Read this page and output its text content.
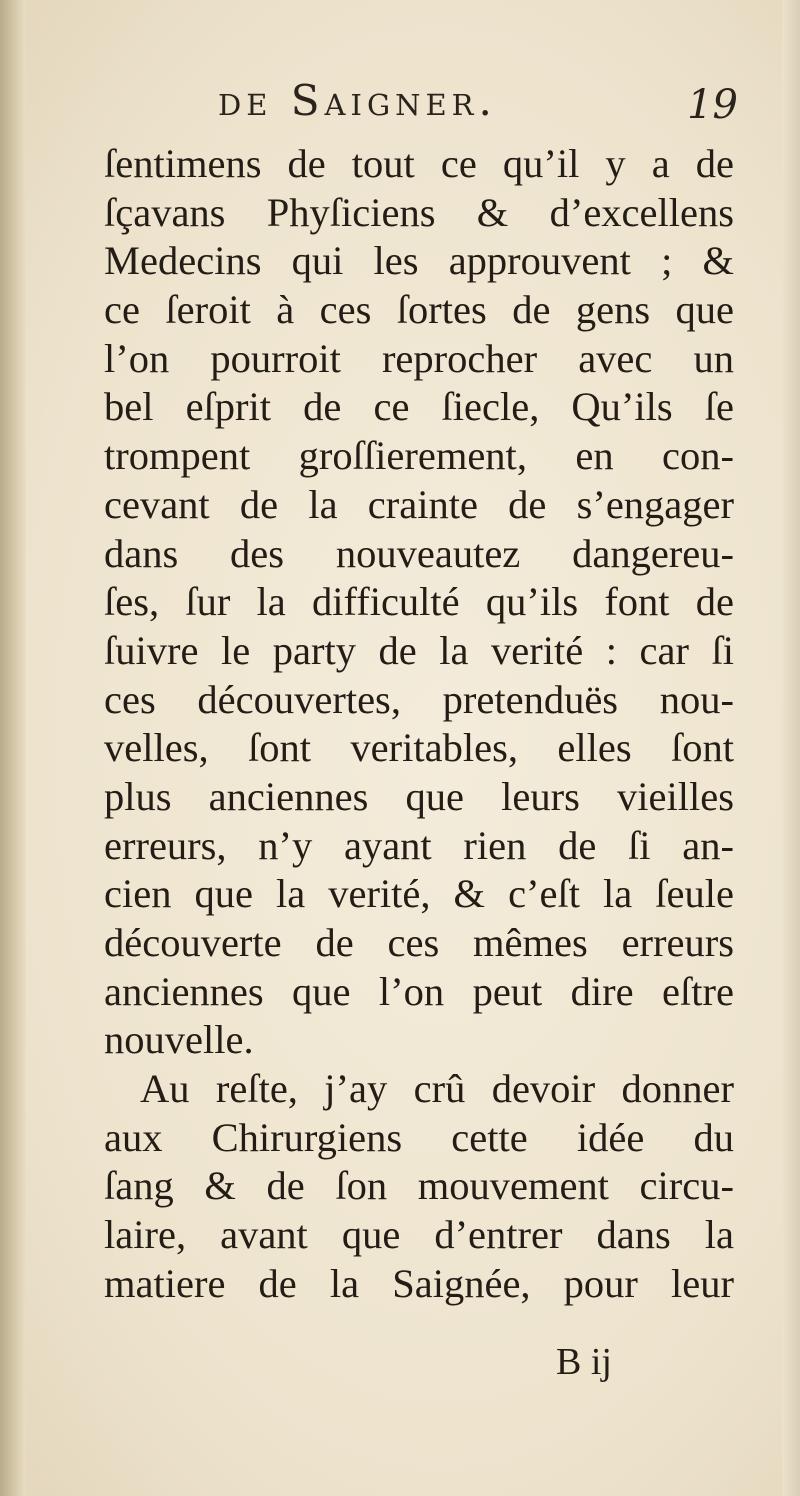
de Saigner.	19
ſentimens de tout ce qu’il y a de
ſçavans Phyſiciens & d’excellens
Medecins qui les approuvent ; &
ce ſeroit à ces ſortes de gens que
l’on pourroit reprocher avec un
bel eſprit de ce ſiecle, Qu’ils ſe
trompent groſſierement, en con-
cevant de la crainte de s’engager
dans des nouveautez dangereu-
ſes, ſur la difficulté qu’ils font de
ſuivre le party de la verité : car ſi
ces découvertes, pretenduës nou-
velles, ſont veritables, elles ſont
plus anciennes que leurs vieilles
erreurs, n’y ayant rien de ſi an-
cien que la verité, & c’eſt la ſeule
découverte de ces mêmes erreurs
anciennes que l’on peut dire eſtre
nouvelle.
Au reſte, j’ay crû devoir donner
aux Chirurgiens cette idée du
ſang & de ſon mouvement circu-
laire, avant que d’entrer dans la
matiere de la Saignée, pour leur
B ij
